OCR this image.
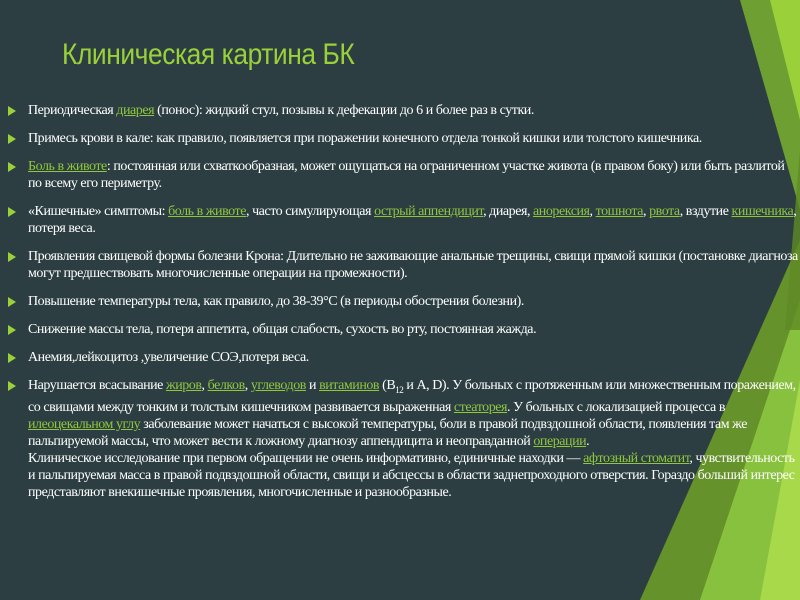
Клиническая картина БК
Периодическая диарея (понос): жидкий стул, позывы к дефекации до 6 и более раз в сутки.
Примесь крови в кале: как правило, появляется при поражении конечного отдела тонкой кишки или толстого кишечника.
Боль в животе: постоянная или схваткообразная, может ощущаться на ограниченном участке живота (в правом боку) или быть разлитой по всему его периметру.
«Кишечные» симптомы: боль в животе, часто симулирующая острый аппендицит, диарея, анорексия, тошнота, рвота, вздутие кишечника, потеря веса.
Проявления свищевой формы болезни Крона: Длительно не заживающие анальные трещины, свищи прямой кишки (постановке диагноза могут предшествовать многочисленные операции на промежности).
Повышение температуры тела, как правило, до 38-39°С (в периоды обострения болезни).
Снижение массы тела, потеря аппетита, общая слабость, сухость во рту, постоянная жажда.
Анемия,лейкоцитоз ,увеличение СОЭ,потеря веса.
Нарушается всасывание жиров, белков, углеводов и витаминов ($В_{12}$ и А, D). У больных с протяженным или множественным поражением, со свищами между тонким и толстым кишечником развивается выраженная стеаторея. У больных с локализацией процесса в илеоцекальном углу заболевание может начаться с высокой температуры, боли в правой подвздошной области, появления там же пальпируемой массы, что может вести к ложному диагнозу аппендицита и неоправданной операции.
Клиническое исследование при первом обращении не очень информативно, единичные находки — афтозный стоматит, чувствительность и пальпируемая масса в правой подвздошной области, свищи и абсцессы в области заднепроходного отверстия. Гораздо больший интерес представляют внекишечные проявления, многочисленные и разнообразные.
